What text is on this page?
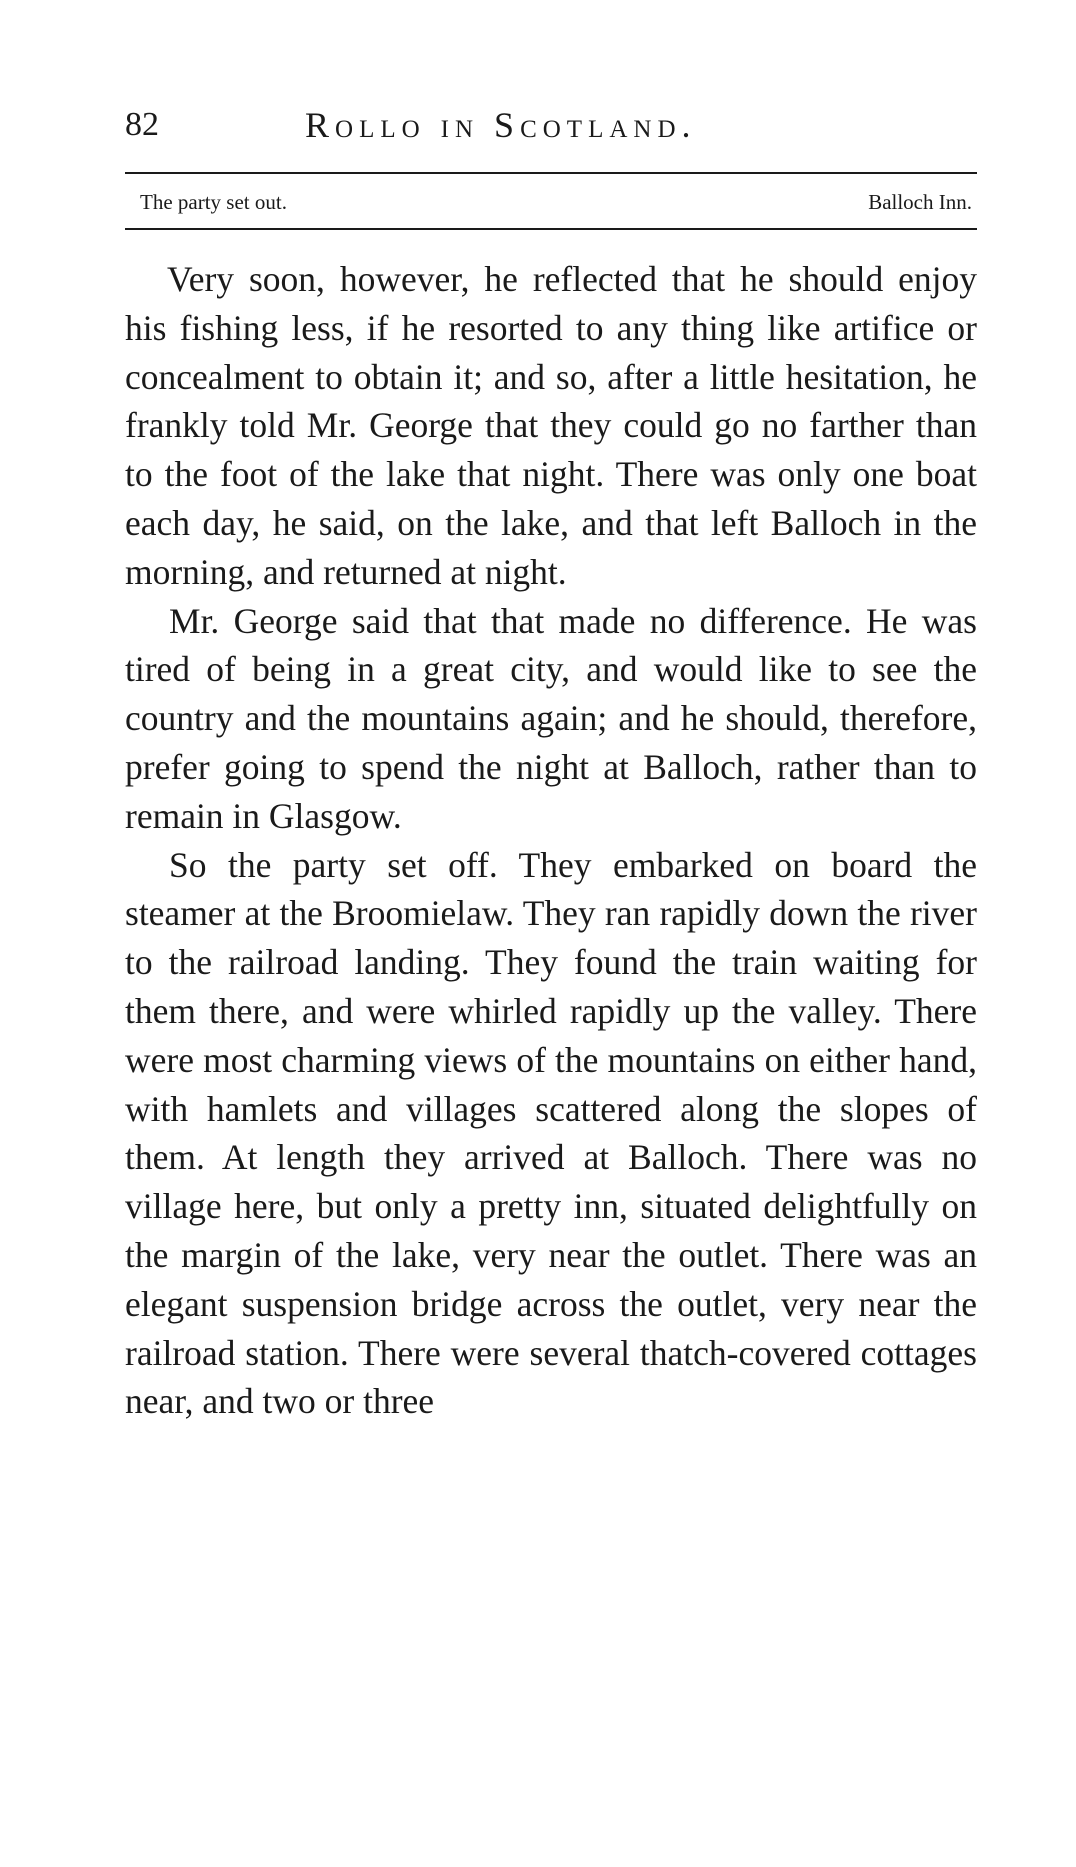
82	Rollo in Scotland.
The party set out.	Balloch Inn.

Very soon, however, he reflected that he should enjoy his fishing less, if he resorted to any thing like artifice or concealment to obtain it; and so, after a little hesitation, he frankly told Mr. George that they could go no farther than to the foot of the lake that night. There was only one boat each day, he said, on the lake, and that left Balloch in the morning, and returned at night.

Mr. George said that that made no difference. He was tired of being in a great city, and would like to see the country and the mountains again; and he should, therefore, prefer going to spend the night at Balloch, rather than to remain in Glasgow.

So the party set off. They embarked on board the steamer at the Broomielaw. They ran rapidly down the river to the railroad landing. They found the train waiting for them there, and were whirled rapidly up the valley. There were most charming views of the mountains on either hand, with hamlets and villages scattered along the slopes of them. At length they arrived at Balloch. There was no village here, but only a pretty inn, situated delightfully on the margin of the lake, very near the outlet. There was an elegant suspension bridge across the outlet, very near the railroad station. There were several thatch-covered cottages near, and two or three
